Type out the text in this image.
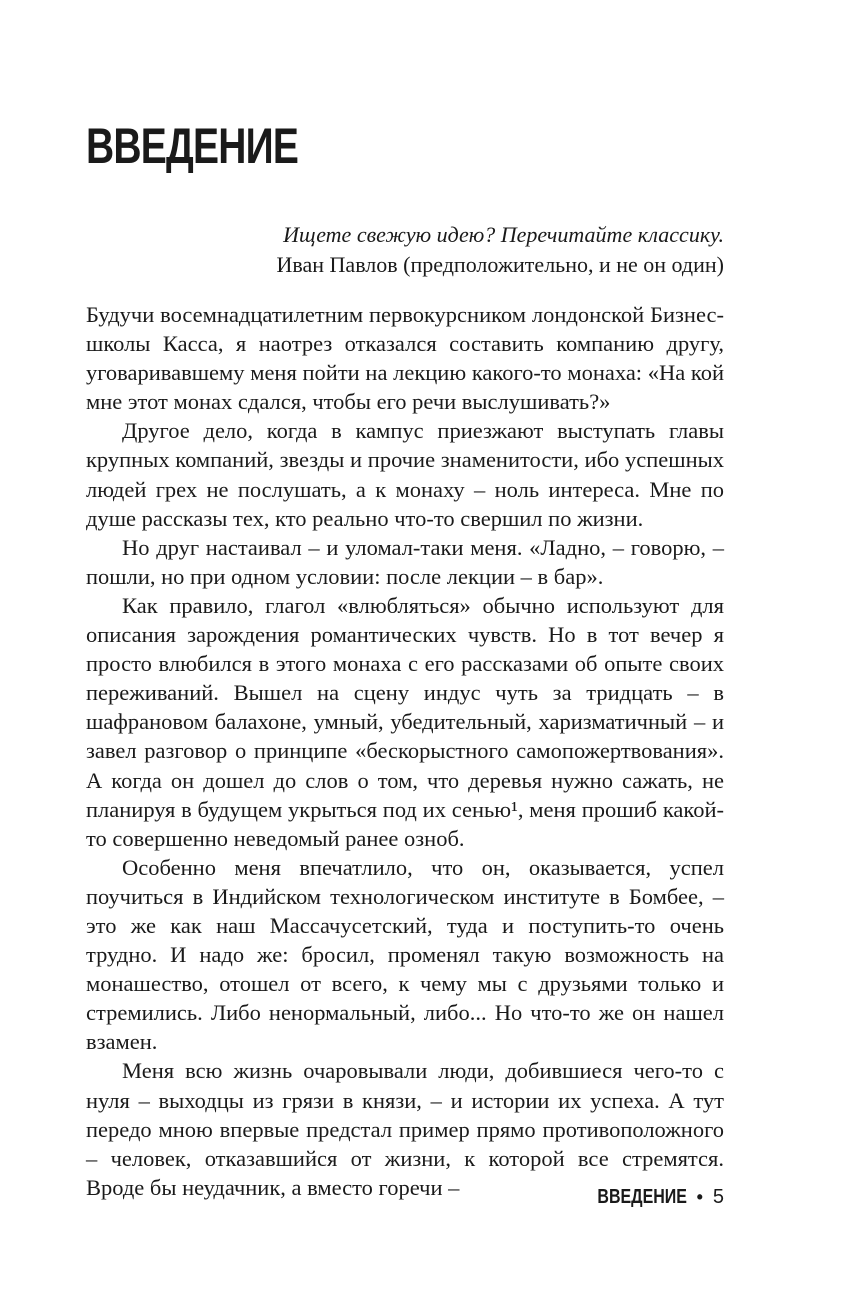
ВВЕДЕНИЕ
Ищете свежую идею? Перечитайте классику.
Иван Павлов (предположительно, и не он один)

Будучи восемнадцатилетним первокурсником лондонской Бизнес-школы Касса, я наотрез отказался составить компанию другу, уговаривавшему меня пойти на лекцию какого-то монаха: «На кой мне этот монах сдался, чтобы его речи выслушивать?»

Другое дело, когда в кампус приезжают выступать главы крупных компаний, звезды и прочие знаменитости, ибо успешных людей грех не послушать, а к монаху – ноль интереса. Мне по душе рассказы тех, кто реально что-то свершил по жизни.

Но друг настаивал – и уломал-таки меня. «Ладно, – говорю, – пошли, но при одном условии: после лекции – в бар».

Как правило, глагол «влюбляться» обычно используют для описания зарождения романтических чувств. Но в тот вечер я просто влюбился в этого монаха с его рассказами об опыте своих переживаний. Вышел на сцену индус чуть за тридцать – в шафрановом балахоне, умный, убедительный, харизматичный – и завел разговор о принципе «бескорыстного самопожертвования». А когда он дошел до слов о том, что деревья нужно сажать, не планируя в будущем укрыться под их сенью¹, меня прошиб какой-то совершенно неведомый ранее озноб.

Особенно меня впечатлило, что он, оказывается, успел поучиться в Индийском технологическом институте в Бомбее, – это же как наш Массачусетский, туда и поступить-то очень трудно. И надо же: бросил, променял такую возможность на монашество, отошел от всего, к чему мы с друзьями только и стремились. Либо ненормальный, либо... Но что-то же он нашел взамен.

Меня всю жизнь очаровывали люди, добившиеся чего-то с нуля – выходцы из грязи в князи, – и истории их успеха. А тут передо мною впервые предстал пример прямо противоположного – человек, отказавшийся от жизни, к которой все стремятся. Вроде бы неудачник, а вместо горечи –	ВВЕДЕНИЕ • 5
